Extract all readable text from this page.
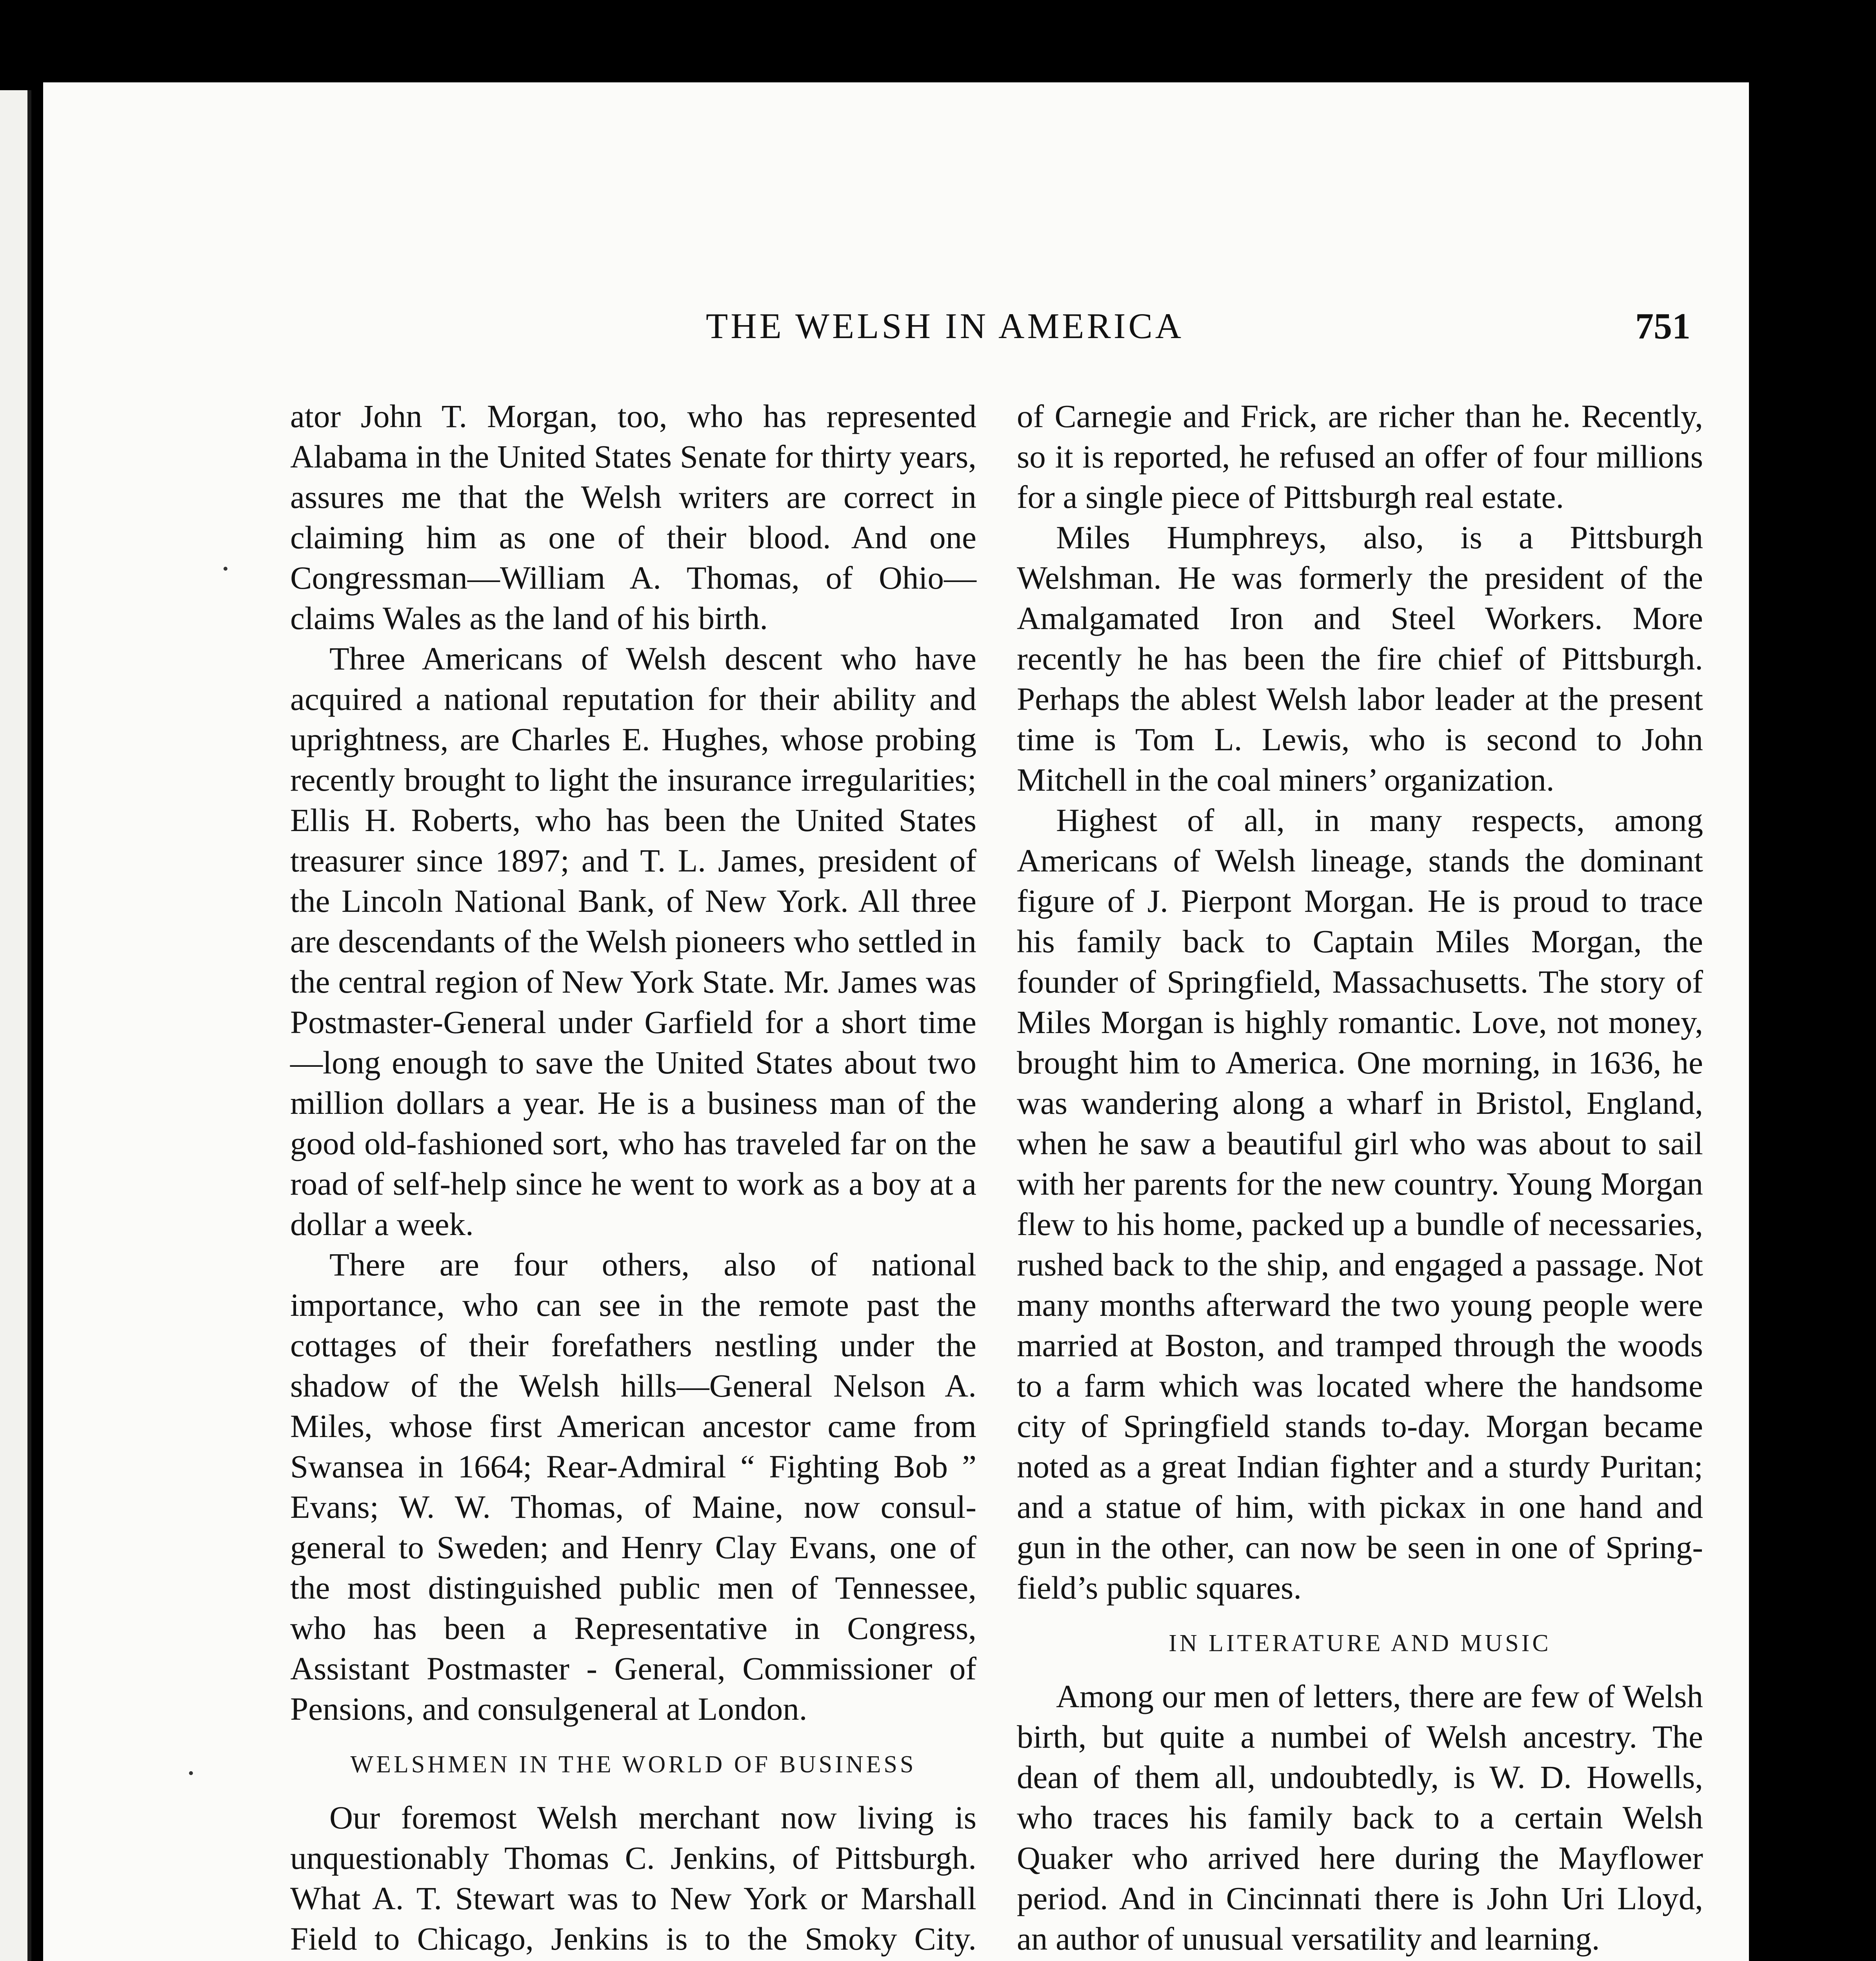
THE WELSH IN AMERICA	751

ator John T. Morgan, too, who has represented Alabama in the United States Senate for thirty years, assures me that the Welsh writers are correct in claiming him as one of their blood. And one Congressman—William A. Thomas, of Ohio—claims Wales as the land of his birth.

Three Americans of Welsh descent who have acquired a national reputation for their ability and uprightness, are Charles E. Hughes, whose probing recently brought to light the insurance irregularities; Ellis H. Roberts, who has been the United States treasurer since 1897; and T. L. James, president of the Lincoln National Bank, of New York. All three are descendants of the Welsh pioneers who settled in the central region of New York State. Mr. James was Postmaster-General under Garfield for a short time—long enough to save the United States about two million dollars a year. He is a business man of the good old-fashioned sort, who has traveled far on the road of self-help since he went to work as a boy at a dollar a week.

There are four others, also of national importance, who can see in the remote past the cottages of their forefathers nestling under the shadow of the Welsh hills—General Nelson A. Miles, whose first American ancestor came from Swansea in 1664; Rear-Admiral “ Fighting Bob ” Evans; W. W. Thomas, of Maine, now consul-general to Sweden; and Henry Clay Evans, one of the most distinguished public men of Tennessee, who has been a Representative in Congress, Assistant Postmaster - General, Commissioner of Pensions, and consulgeneral at London.

WELSHMEN IN THE WORLD OF BUSINESS

Our foremost Welsh merchant now living is unquestionably Thomas C. Jenkins, of Pittsburgh. What A. T. Stewart was to New York or Marshall Field to Chicago, Jenkins is to the Smoky City.

of Carnegie and Frick, are richer than he. Recently, so it is reported, he refused an offer of four millions for a single piece of Pittsburgh real estate.

Miles Humphreys, also, is a Pittsburgh Welshman. He was formerly the president of the Amalgamated Iron and Steel Workers. More recently he has been the fire chief of Pittsburgh. Perhaps the ablest Welsh labor leader at the present time is Tom L. Lewis, who is second to John Mitchell in the coal miners’ organization.

Highest of all, in many respects, among Americans of Welsh lineage, stands the dominant figure of J. Pierpont Morgan. He is proud to trace his family back to Captain Miles Morgan, the founder of Springfield, Massachusetts. The story of Miles Morgan is highly romantic. Love, not money, brought him to America. One morning, in 1636, he was wandering along a wharf in Bristol, England, when he saw a beautiful girl who was about to sail with her parents for the new country. Young Morgan flew to his home, packed up a bundle of necessaries, rushed back to the ship, and engaged a passage. Not many months afterward the two young people were married at Boston, and tramped through the woods to a farm which was located where the handsome city of Springfield stands to-day. Morgan became noted as a great Indian fighter and a sturdy Puritan; and a statue of him, with pickax in one hand and gun in the other, can now be seen in one of Springfield’s public squares.

IN LITERATURE AND MUSIC

Among our men of letters, there are few of Welsh birth, but quite a numbei of Welsh ancestry. The dean of them all, undoubtedly, is W. D. Howells, who traces his family back to a certain Welsh Quaker who arrived here during the Mayflower period. And in Cincinnati there is John Uri Lloyd, an author of unusual versatility and learning.
